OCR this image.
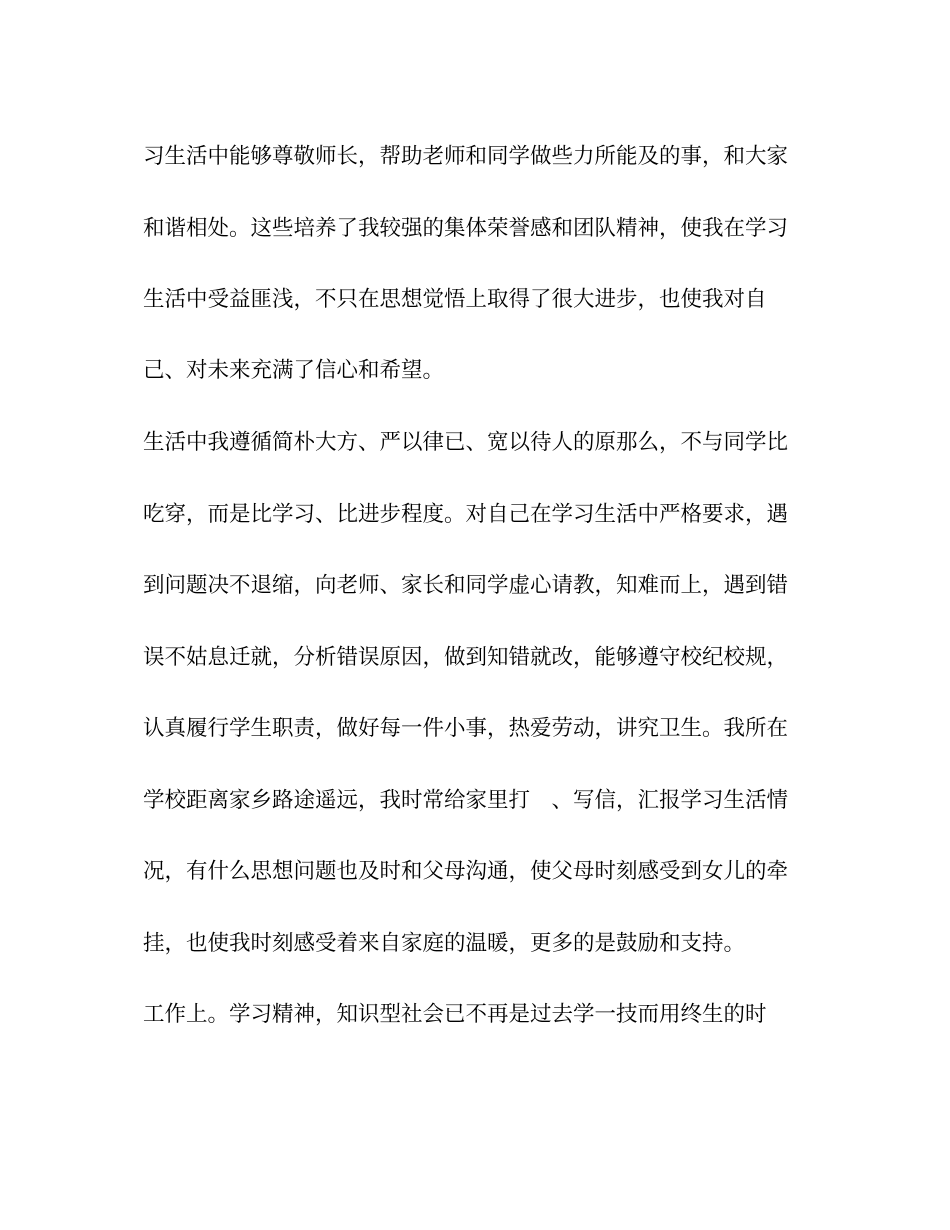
习生活中能够尊敬师长，帮助老师和同学做些力所能及的事，和大家
和谐相处。这些培养了我较强的集体荣誉感和团队精神，使我在学习
生活中受益匪浅，不只在思想觉悟上取得了很大进步，也使我对自
己、对未来充满了信心和希望。
生活中我遵循简朴大方、严以律已、宽以待人的原那么，不与同学比
吃穿，而是比学习、比进步程度。对自己在学习生活中严格要求，遇
到问题决不退缩，向老师、家长和同学虚心请教，知难而上，遇到错
误不姑息迁就，分析错误原因，做到知错就改，能够遵守校纪校规，
认真履行学生职责，做好每一件小事，热爱劳动，讲究卫生。我所在
学校距离家乡路途遥远，我时常给家里打　、写信，汇报学习生活情
况，有什么思想问题也及时和父母沟通，使父母时刻感受到女儿的牵
挂，也使我时刻感受着来自家庭的温暖，更多的是鼓励和支持。
工作上。学习精神，知识型社会已不再是过去学一技而用终生的时
